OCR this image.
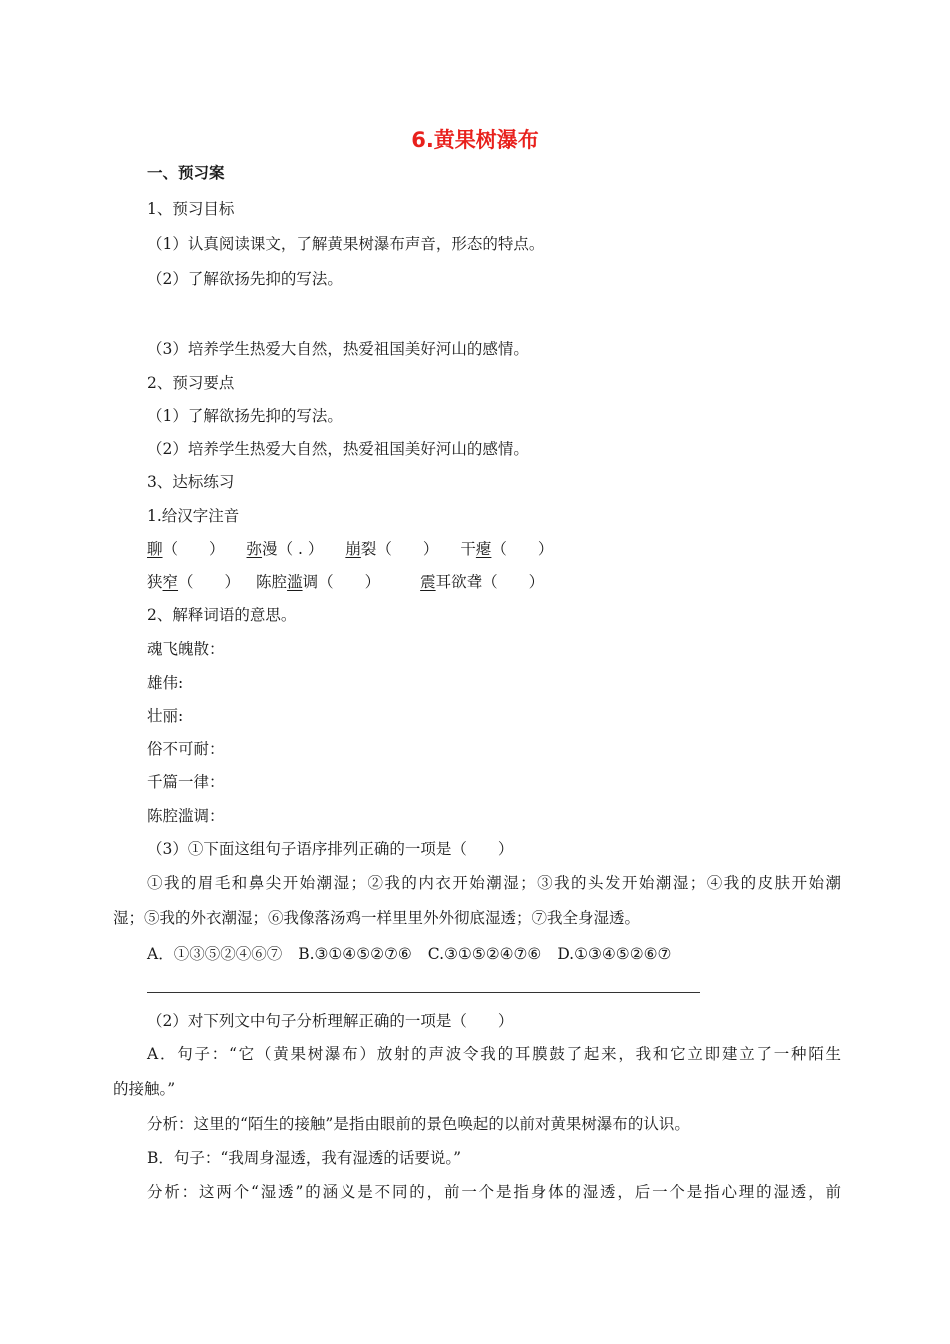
6.黄果树瀑布
一、预习案
1、预习目标
（1）认真阅读课文，了解黄果树瀑布声音，形态的特点。
（2）了解欲扬先抑的写法。
（3）培养学生热爱大自然，热爱祖国美好河山的感情。
2、预习要点
（1）了解欲扬先抑的写法。
（2）培养学生热爱大自然，热爱祖国美好河山的感情。
3、达标练习
1.给汉字注音
聊（　　） 弥漫（ . ） 崩裂（　　） 干瘪（　　）
狭窄（　　） 陈腔滥调（　　）	震耳欲聋（　　）
2、解释词语的意思。
魂飞魄散：
雄伟:
壮丽:
俗不可耐：
千篇一律：
陈腔滥调：
（3）①下面这组句子语序排列正确的一项是（　　）
①我的眉毛和鼻尖开始潮湿；②我的内衣开始潮湿；③我的头发开始潮湿；④我的皮肤开始潮
湿；⑤我的外衣潮湿；⑥我像落汤鸡一样里里外外彻底湿透；⑦我全身湿透。
A．①③⑤②④⑥⑦ B.③①④⑤②⑦⑥ C.③①⑤②④⑦⑥ D.①③④⑤②⑥⑦
（2）对下列文中句子分析理解正确的一项是（　　）
A．句子：“它（黄果树瀑布）放射的声波令我的耳膜鼓了起来，我和它立即建立了一种陌生
的接触。”
分析：这里的“陌生的接触”是指由眼前的景色唤起的以前对黄果树瀑布的认识。
B．句子：“我周身湿透，我有湿透的话要说。”
分析：这两个“湿透”的涵义是不同的，前一个是指身体的湿透，后一个是指心理的湿透，前
